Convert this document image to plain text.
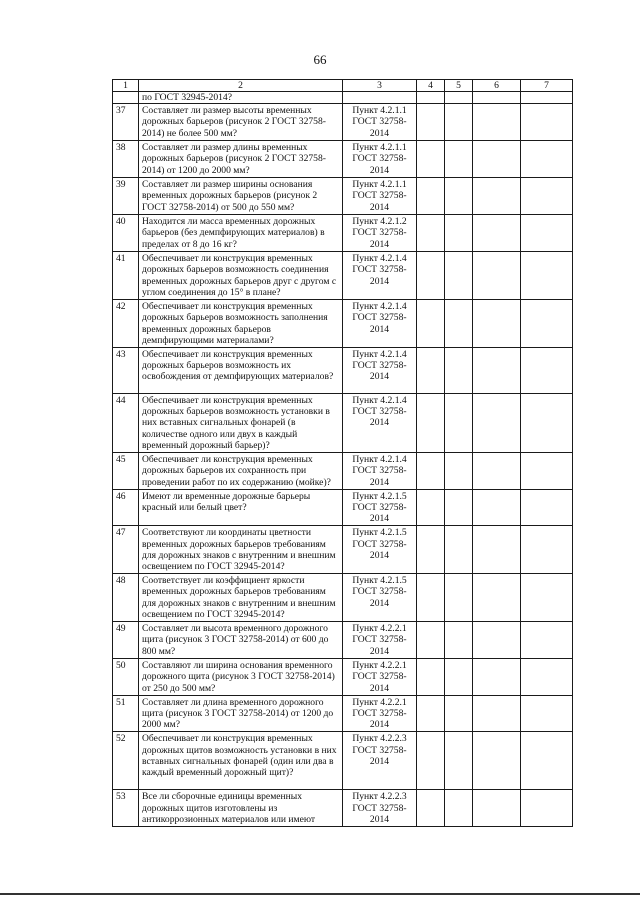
66
1	2	3	4	5	6	7
	по ГОСТ 32945-2014?					
37	Составляет ли размер высоты временных дорожных барьеров (рисунок 2 ГОСТ 32758-2014) не более 500 мм?	Пункт 4.2.1.1 ГОСТ 32758-2014				
38	Составляет ли размер длины временных дорожных барьеров (рисунок 2 ГОСТ 32758-2014) от 1200 до 2000 мм?	Пункт 4.2.1.1 ГОСТ 32758-2014				
39	Составляет ли размер ширины основания временных дорожных барьеров (рисунок 2 ГОСТ 32758-2014) от 500 до 550 мм?	Пункт 4.2.1.1 ГОСТ 32758-2014				
40	Находится ли масса временных дорожных барьеров (без демпфирующих материалов) в пределах от 8 до 16 кг?	Пункт 4.2.1.2 ГОСТ 32758-2014				
41	Обеспечивает ли конструкция временных дорожных барьеров возможность соединения временных дорожных барьеров друг с другом с углом соединения до 15° в плане?	Пункт 4.2.1.4 ГОСТ 32758-2014				
42	Обеспечивает ли конструкция временных дорожных барьеров возможность заполнения временных дорожных барьеров демпфирующими материалами?	Пункт 4.2.1.4 ГОСТ 32758-2014				
43	Обеспечивает ли конструкция временных дорожных барьеров возможность их освобождения от демпфирующих материалов?	Пункт 4.2.1.4 ГОСТ 32758-2014				
44	Обеспечивает ли конструкция временных дорожных барьеров возможность установки в них вставных сигнальных фонарей (в количестве одного или двух в каждый временный дорожный барьер)?	Пункт 4.2.1.4 ГОСТ 32758-2014				
45	Обеспечивает ли конструкция временных дорожных барьеров их сохранность при проведении работ по их содержанию (мойке)?	Пункт 4.2.1.4 ГОСТ 32758-2014				
46	Имеют ли временные дорожные барьеры красный или белый цвет?	Пункт 4.2.1.5 ГОСТ 32758-2014				
47	Соответствуют ли координаты цветности временных дорожных барьеров требованиям для дорожных знаков с внутренним и внешним освещением по ГОСТ 32945-2014?	Пункт 4.2.1.5 ГОСТ 32758-2014				
48	Соответствует ли коэффициент яркости временных дорожных барьеров требованиям для дорожных знаков с внутренним и внешним освещением по ГОСТ 32945-2014?	Пункт 4.2.1.5 ГОСТ 32758-2014				
49	Составляет ли высота временного дорожного щита (рисунок 3 ГОСТ 32758-2014) от 600 до 800 мм?	Пункт 4.2.2.1 ГОСТ 32758-2014				
50	Составляют ли ширина основания временного дорожного щита (рисунок 3 ГОСТ 32758-2014) от 250 до 500 мм?	Пункт 4.2.2.1 ГОСТ 32758-2014				
51	Составляет ли длина временного дорожного щита (рисунок 3 ГОСТ 32758-2014) от 1200 до 2000 мм?	Пункт 4.2.2.1 ГОСТ 32758-2014				
52	Обеспечивает ли конструкция временных дорожных щитов возможность установки в них вставных сигнальных фонарей (один или два в каждый временный дорожный щит)?	Пункт 4.2.2.3 ГОСТ 32758-2014				
53	Все ли сборочные единицы временных дорожных щитов изготовлены из антикоррозионных материалов или имеют	Пункт 4.2.2.3 ГОСТ 32758-2014				
